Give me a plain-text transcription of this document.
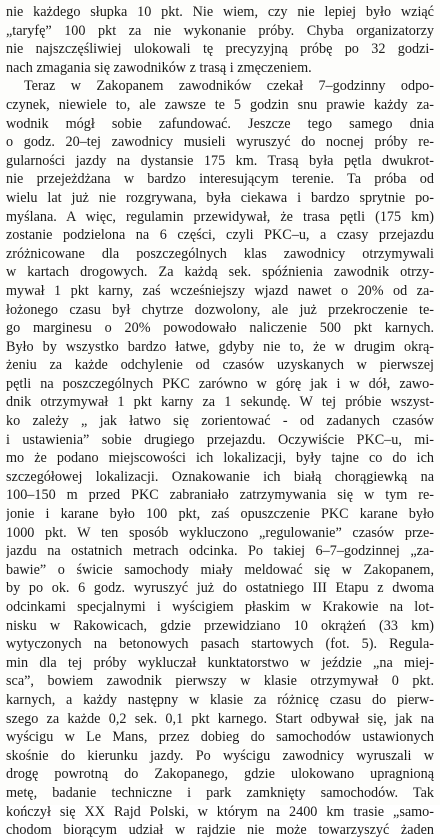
nie każdego słupka 10 pkt. Nie wiem, czy nie lepiej było wziąć
„taryfę” 100 pkt za nie wykonanie próby. Chyba organizatorzy
nie najszczęśliwiej ulokowali tę precyzyjną próbę po 32 godzi-
nach zmagania się zawodników z trasą i zmęczeniem.
Teraz w Zakopanem zawodników czekał 7–godzinny odpo-
czynek, niewiele to, ale zawsze te 5 godzin snu prawie każdy za-
wodnik mógł sobie zafundować. Jeszcze tego samego dnia
o godz. 20–tej zawodnicy musieli wyruszyć do nocnej próby re-
gularności jazdy na dystansie 175 km. Trasą była pętla dwukrot-
nie przejeżdżana w bardzo interesującym terenie. Ta próba od
wielu lat już nie rozgrywana, była ciekawa i bardzo sprytnie po-
myślana. A więc, regulamin przewidywał, że trasa pętli (175 km)
zostanie podzielona na 6 części, czyli PKC–u, a czasy przejazdu
zróżnicowane dla poszczególnych klas zawodnicy otrzymywali
w kartach drogowych. Za każdą sek. spóźnienia zawodnik otrzy-
mywał 1 pkt karny, zaś wcześniejszy wjazd nawet o 20% od za-
łożonego czasu był chytrze dozwolony, ale już przekroczenie te-
go marginesu o 20% powodowało naliczenie 500 pkt karnych.
Było by wszystko bardzo łatwe, gdyby nie to, że w drugim okrą-
żeniu za każde odchylenie od czasów uzyskanych w pierwszej
pętli na poszczególnych PKC zarówno w górę jak i w dół, zawo-
dnik otrzymywał 1 pkt karny za 1 sekundę. W tej próbie wszyst-
ko zależy „ jak łatwo się zorientować - od zadanych czasów
i ustawienia” sobie drugiego przejazdu. Oczywiście PKC–u, mi-
mo że podano miejscowości ich lokalizacji, były tajne co do ich
szczegółowej lokalizacji. Oznakowanie ich białą chorągiewką na
100–150 m przed PKC zabraniało zatrzymywania się w tym re-
jonie i karane było 100 pkt, zaś opuszczenie PKC karane było
1000 pkt. W ten sposób wykluczono „regulowanie” czasów prze-
jazdu na ostatnich metrach odcinka. Po takiej 6–7–godzinnej „za-
bawie” o świcie samochody miały meldować się w Zakopanem,
by po ok. 6 godz. wyruszyć już do ostatniego III Etapu z dwoma
odcinkami specjalnymi i wyścigiem płaskim w Krakowie na lot-
nisku w Rakowicach, gdzie przewidziano 10 okrążeń (33 km)
wytyczonych na betonowych pasach startowych (fot. 5). Regula-
min dla tej próby wykluczał kunktatorstwo w jeździe „na miej-
sca”, bowiem zawodnik pierwszy w klasie otrzymywał 0 pkt.
karnych, a każdy następny w klasie za różnicę czasu do pierw-
szego za każde 0,2 sek. 0,1 pkt karnego. Start odbywał się, jak na
wyścigu w Le Mans, przez dobieg do samochodów ustawionych
skośnie do kierunku jazdy. Po wyścigu zawodnicy wyruszali w
drogę powrotną do Zakopanego, gdzie ulokowano upragnioną
metę, badanie techniczne i park zamknięty samochodów. Tak
kończył się XX Rajd Polski, w którym na 2400 km trasie „samo-
chodom biorącym udział w rajdzie nie może towarzyszyć żaden
